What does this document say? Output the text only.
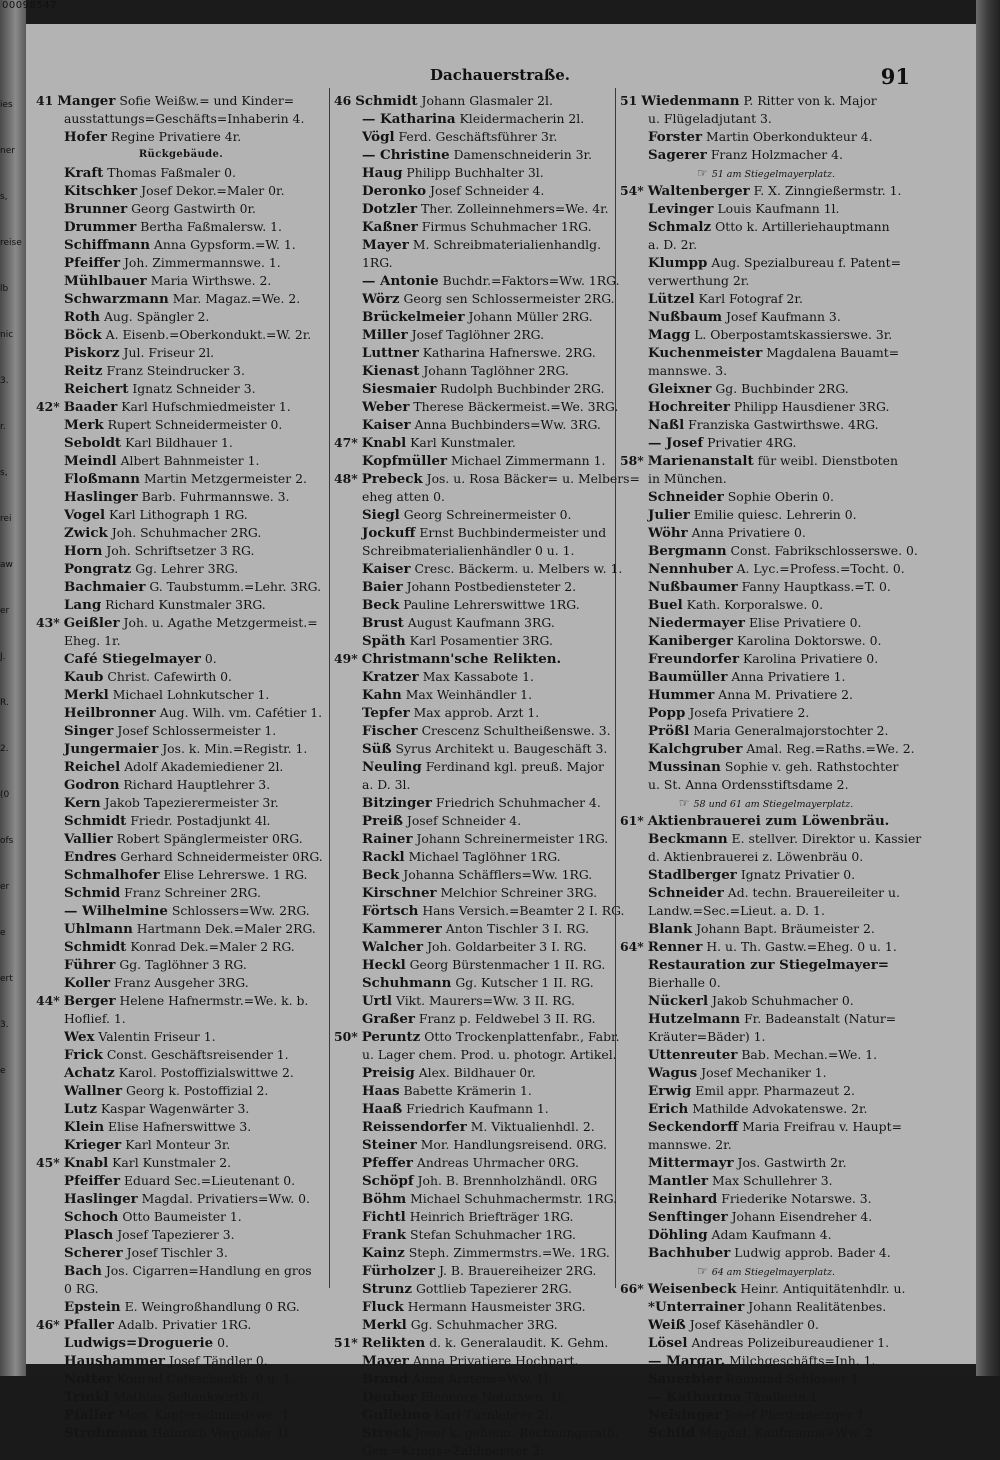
ies
ner
s,
reise
lb
nic
3.
r.
s,
rei
aw
er
J.
R.
2.
(0
ofs
er
e
ert
3.
e
00098547
Dachauerstraße.	91
41 Manger Sofie Weißw.= und Kinder=
ausstattungs=Geschäfts=Inhaberin 4.
Hofer Regine Privatiere 4r.
Rückgebäude.
Kraft Thomas Faßmaler 0.
Kitschker Josef Dekor.=Maler 0r.
Brunner Georg Gastwirth 0r.
Drummer Bertha Faßmalersw. 1.
Schiffmann Anna Gypsform.=W. 1.
Pfeiffer Joh. Zimmermannswe. 1.
Mühlbauer Maria Wirthswe. 2.
Schwarzmann Mar. Magaz.=We. 2.
Roth Aug. Spängler 2.
Böck A. Eisenb.=Oberkondukt.=W. 2r.
Piskorz Jul. Friseur 2l.
Reitz Franz Steindrucker 3.
Reichert Ignatz Schneider 3.
42* Baader Karl Hufschmiedmeister 1.
Merk Rupert Schneidermeister 0.
Seboldt Karl Bildhauer 1.
Meindl Albert Bahnmeister 1.
Floßmann Martin Metzgermeister 2.
Haslinger Barb. Fuhrmannswe. 3.
Vogel Karl Lithograph 1 RG.
Zwick Joh. Schuhmacher 2RG.
Horn Joh. Schriftsetzer 3 RG.
Pongratz Gg. Lehrer 3RG.
Bachmaier G. Taubstumm.=Lehr. 3RG.
Lang Richard Kunstmaler 3RG.
43* Geißler Joh. u. Agathe Metzgermeist.=
Eheg. 1r.
Café Stiegelmayer 0.
Kaub Christ. Cafewirth 0.
Merkl Michael Lohnkutscher 1.
Heilbronner Aug. Wilh. vm. Cafétier 1.
Singer Josef Schlossermeister 1.
Jungermaier Jos. k. Min.=Registr. 1.
Reichel Adolf Akademiediener 2l.
Godron Richard Hauptlehrer 3.
Kern Jakob Tapezierermeister 3r.
Schmidt Friedr. Postadjunkt 4l.
Vallier Robert Spänglermeister 0RG.
Endres Gerhard Schneidermeister 0RG.
Schmalhofer Elise Lehrerswe. 1 RG.
Schmid Franz Schreiner 2RG.
— Wilhelmine Schlossers=Ww. 2RG.
Uhlmann Hartmann Dek.=Maler 2RG.
Schmidt Konrad Dek.=Maler 2 RG.
Führer Gg. Taglöhner 3 RG.
Koller Franz Ausgeher 3RG.
44* Berger Helene Hafnermstr.=We. k. b.
Hoflief. 1.
Wex Valentin Friseur 1.
Frick Const. Geschäftsreisender 1.
Achatz Karol. Postoffizialswittwe 2.
Wallner Georg k. Postoffizial 2.
Lutz Kaspar Wagenwärter 3.
Klein Elise Hafnerswittwe 3.
Krieger Karl Monteur 3r.
45* Knabl Karl Kunstmaler 2.
Pfeiffer Eduard Sec.=Lieutenant 0.
Haslinger Magdal. Privatiers=Ww. 0.
Schoch Otto Baumeister 1.
Plasch Josef Tapezierer 3.
Scherer Josef Tischler 3.
Bach Jos. Cigarren=Handlung en gros
0 RG.
Epstein E. Weingroßhandlung 0 RG.
46* Pfaller Adalb. Privatier 1RG.
Ludwigs=Droguerie 0.
Haushammer Josef Tändler 0.
Notter Konrad Cafeschenkh. 0 u. 1.
Trinkl Mathias Schankwirth 0.
Pfaller Mon. Kupferschmiedswe. 1.
Strohmann Heinrich Vergolder 1l.
46 Schmidt Johann Glasmaler 2l.
— Katharina Kleidermacherin 2l.
Vögl Ferd. Geschäftsführer 3r.
— Christine Damenschneiderin 3r.
Haug Philipp Buchhalter 3l.
Deronko Josef Schneider 4.
Dotzler Ther. Zolleinnehmers=We. 4r.
Kaßner Firmus Schuhmacher 1RG.
Mayer M. Schreibmaterialienhandlg.
1RG.
— Antonie Buchdr.=Faktors=Ww. 1RG.
Wörz Georg sen Schlossermeister 2RG.
Brückelmeier Johann Müller 2RG.
Miller Josef Taglöhner 2RG.
Luttner Katharina Hafnerswe. 2RG.
Kienast Johann Taglöhner 2RG.
Siesmaier Rudolph Buchbinder 2RG.
Weber Therese Bäckermeist.=We. 3RG.
Kaiser Anna Buchbinders=Ww. 3RG.
47* Knabl Karl Kunstmaler.
Kopfmüller Michael Zimmermann 1.
48* Prebeck Jos. u. Rosa Bäcker= u. Melbers=
eheg atten 0.
Siegl Georg Schreinermeister 0.
Jockuff Ernst Buchbindermeister und
Schreibmaterialienhändler 0 u. 1.
Kaiser Cresc. Bäckerm. u. Melbers w. 1.
Baier Johann Postbediensteter 2.
Beck Pauline Lehrerswittwe 1RG.
Brust August Kaufmann 3RG.
Späth Karl Posamentier 3RG.
49* Christmann'sche Relikten.
Kratzer Max Kassabote 1.
Kahn Max Weinhändler 1.
Tepfer Max approb. Arzt 1.
Fischer Crescenz Schultheißenswe. 3.
Süß Syrus Architekt u. Baugeschäft 3.
Neuling Ferdinand kgl. preuß. Major
a. D. 3l.
Bitzinger Friedrich Schuhmacher 4.
Preiß Josef Schneider 4.
Rainer Johann Schreinermeister 1RG.
Rackl Michael Taglöhner 1RG.
Beck Johanna Schäfflers=Ww. 1RG.
Kirschner Melchior Schreiner 3RG.
Förtsch Hans Versich.=Beamter 2 I. RG.
Kammerer Anton Tischler 3 I. RG.
Walcher Joh. Goldarbeiter 3 I. RG.
Heckl Georg Bürstenmacher 1 II. RG.
Schuhmann Gg. Kutscher 1 II. RG.
Urtl Vikt. Maurers=Ww. 3 II. RG.
Graßer Franz p. Feldwebel 3 II. RG.
50* Peruntz Otto Trockenplattenfabr., Fabr.
u. Lager chem. Prod. u. photogr. Artikel.
Preisig Alex. Bildhauer 0r.
Haas Babette Krämerin 1.
Haaß Friedrich Kaufmann 1.
Reissendorfer M. Viktualienhdl. 2.
Steiner Mor. Handlungsreisend. 0RG.
Pfeffer Andreas Uhrmacher 0RG.
Schöpf Joh. B. Brennholzhändl. 0RG
Böhm Michael Schuhmachermstr. 1RG.
Fichtl Heinrich Briefträger 1RG.
Frank Stefan Schuhmacher 1RG.
Kainz Steph. Zimmermstrs.=We. 1RG.
Fürholzer J. B. Brauereiheizer 2RG.
Strunz Gottlieb Tapezierer 2RG.
Fluck Hermann Hausmeister 3RG.
Merkl Gg. Schuhmacher 3RG.
51* Relikten d. k. Generalaudit. K. Gehm.
Mayer Anna Privatiere Hochpart.
Brand Anna Arztens=Ww. 1l.
Deuber Eleonore Notarswe. 1l.
Gulielmo Karl Turnlehrer 2l.
Streck Josef k. geheim. Rechnungsrath,
Gen.=Kriegs=Zahlmeister 2.
51 Wiedenmann P. Ritter von k. Major
u. Flügeladjutant 3.
Forster Martin Oberkondukteur 4.
Sagerer Franz Holzmacher 4.
☞ 51 am Stiegelmayerplatz.
54* Waltenberger F. X. Zinngießermstr. 1.
Levinger Louis Kaufmann 1l.
Schmalz Otto k. Artilleriehauptmann
a. D. 2r.
Klumpp Aug. Spezialbureau f. Patent=
verwerthung 2r.
Lützel Karl Fotograf 2r.
Nußbaum Josef Kaufmann 3.
Magg L. Oberpostamtskassierswe. 3r.
Kuchenmeister Magdalena Bauamt=
mannswe. 3.
Gleixner Gg. Buchbinder 2RG.
Hochreiter Philipp Hausdiener 3RG.
Naßl Franziska Gastwirthswe. 4RG.
— Josef Privatier 4RG.
58* Marienanstalt für weibl. Dienstboten
in München.
Schneider Sophie Oberin 0.
Julier Emilie quiesc. Lehrerin 0.
Wöhr Anna Privatiere 0.
Bergmann Const. Fabrikschlosserswe. 0.
Nennhuber A. Lyc.=Profess.=Tocht. 0.
Nußbaumer Fanny Hauptkass.=T. 0.
Buel Kath. Korporalswe. 0.
Niedermayer Elise Privatiere 0.
Kaniberger Karolina Doktorswe. 0.
Freundorfer Karolina Privatiere 0.
Baumüller Anna Privatiere 1.
Hummer Anna M. Privatiere 2.
Popp Josefa Privatiere 2.
Prößl Maria Generalmajorstochter 2.
Kalchgruber Amal. Reg.=Raths.=We. 2.
Mussinan Sophie v. geh. Rathstochter
u. St. Anna Ordensstiftsdame 2.
☞ 58 und 61 am Stiegelmayerplatz.
61* Aktienbrauerei zum Löwenbräu.
Beckmann E. stellver. Direktor u. Kassier
d. Aktienbrauerei z. Löwenbräu 0.
Stadlberger Ignatz Privatier 0.
Schneider Ad. techn. Brauereileiter u.
Landw.=Sec.=Lieut. a. D. 1.
Blank Johann Bapt. Bräumeister 2.
64* Renner H. u. Th. Gastw.=Eheg. 0 u. 1.
Restauration zur Stiegelmayer=
Bierhalle 0.
Nückerl Jakob Schuhmacher 0.
Hutzelmann Fr. Badeanstalt (Natur=
Kräuter=Bäder) 1.
Uttenreuter Bab. Mechan.=We. 1.
Wagus Josef Mechaniker 1.
Erwig Emil appr. Pharmazeut 2.
Erich Mathilde Advokatenswe. 2r.
Seckendorff Maria Freifrau v. Haupt=
mannswe. 2r.
Mittermayr Jos. Gastwirth 2r.
Mantler Max Schullehrer 3.
Reinhard Friederike Notarswe. 3.
Senftinger Johann Eisendreher 4.
Döhling Adam Kaufmann 4.
Bachhuber Ludwig approb. Bader 4.
☞ 64 am Stiegelmayerplatz.
66* Weisenbeck Heinr. Antiquitätenhdlr. u.
*Unterrainer Johann Realitätenbes.
Weiß Josef Käsehändler 0.
Lösel Andreas Polizeibureaudiener 1.
— Margar. Milchgeschäfts=Inh. 1.
Sauerbier Raimund Schlosser 1.
— Katharina Tändlerin 1.
Neisinger Josef Pferdemetzger 1.
Schild Magdal. Kaufmanns=Ww. 2.
